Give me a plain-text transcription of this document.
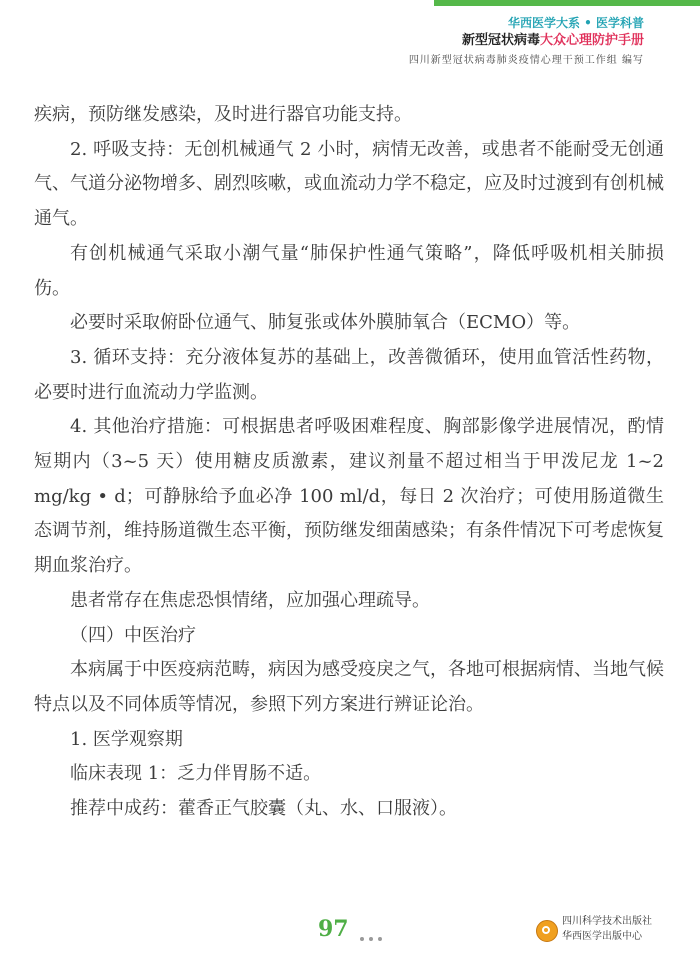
华西医学大系 • 医学科普
新型冠状病毒大众心理防护手册
四川新型冠状病毒肺炎疫情心理干预工作组 编写

疾病，预防继发感染，及时进行器官功能支持。

2. 呼吸支持：无创机械通气 2 小时，病情无改善，或患者不能耐受无创通气、气道分泌物增多、剧烈咳嗽，或血流动力学不稳定，应及时过渡到有创机械通气。

有创机械通气采取小潮气量“肺保护性通气策略”，降低呼吸机相关肺损伤。

必要时采取俯卧位通气、肺复张或体外膜肺氧合（ECMO）等。

3. 循环支持：充分液体复苏的基础上，改善微循环，使用血管活性药物，必要时进行血流动力学监测。

4. 其他治疗措施：可根据患者呼吸困难程度、胸部影像学进展情况，酌情短期内（3~5 天）使用糖皮质激素，建议剂量不超过相当于甲泼尼龙 1~2 mg/kg • d；可静脉给予血必净 100 ml/d，每日 2 次治疗；可使用肠道微生态调节剂，维持肠道微生态平衡，预防继发细菌感染；有条件情况下可考虑恢复期血浆治疗。

患者常存在焦虑恐惧情绪，应加强心理疏导。

（四）中医治疗

本病属于中医疫病范畴，病因为感受疫戾之气，各地可根据病情、当地气候特点以及不同体质等情况，参照下列方案进行辨证论治。

1. 医学观察期

临床表现 1：乏力伴胃肠不适。

推荐中成药：藿香正气胶囊（丸、水、口服液）。

97	四川科学技术出版社
华西医学出版中心
